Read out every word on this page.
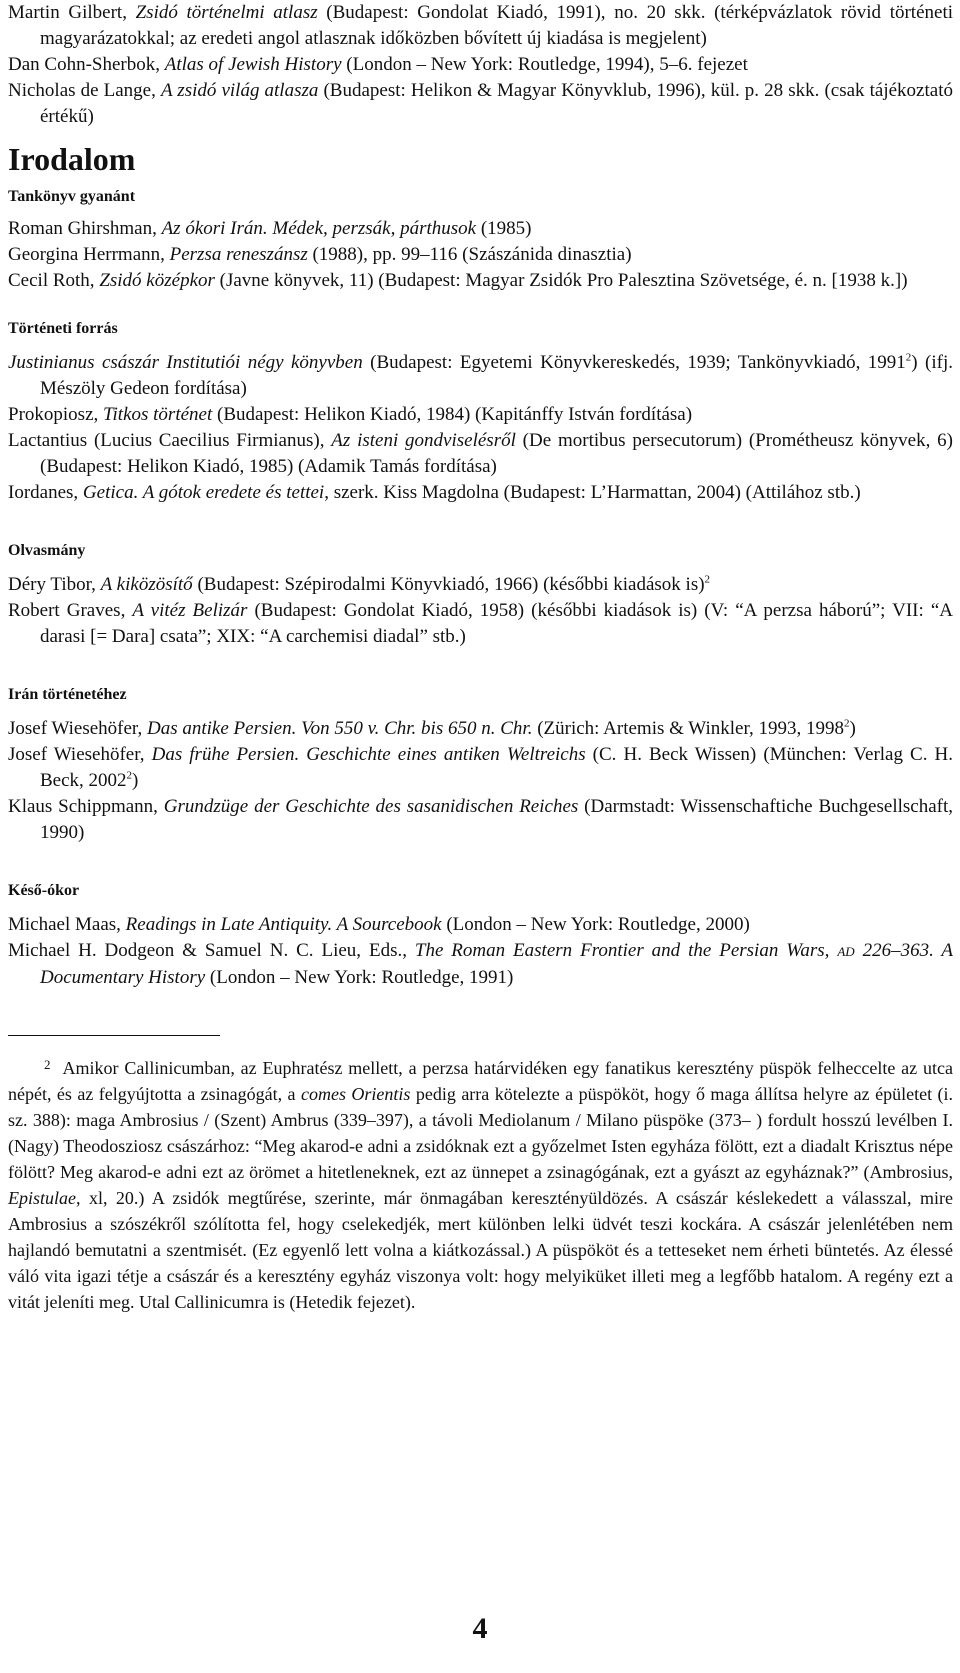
Martin Gilbert, Zsidó történelmi atlasz (Budapest: Gondolat Kiadó, 1991), no. 20 skk. (térképvázlatok rövid történeti magyarázatokkal; az eredeti angol atlasznak időközben bővített új kiadása is megjelent)

Dan Cohn-Sherbok, Atlas of Jewish History (London – New York: Routledge, 1994), 5–6. fejezet

Nicholas de Lange, A zsidó világ atlasza (Budapest: Helikon & Magyar Könyvklub, 1996), kül. p. 28 skk. (csak tájékoztató értékű)

Irodalom
Tankönyv gyanánt

Roman Ghirshman, Az ókori Irán. Médek, perzsák, párthusok (1985)

Georgina Herrmann, Perzsa reneszánsz (1988), pp. 99–116 (Szászánida dinasztia)

Cecil Roth, Zsidó középkor (Javne könyvek, 11) (Budapest: Magyar Zsidók Pro Palesztina Szövetsége, é. n. [1938 k.])

Történeti forrás

Justinianus császár Institutiói négy könyvben (Budapest: Egyetemi Könyvkereskedés, 1939; Tankönyvkiadó, 1991$^2$) (ifj. Mészöly Gedeon fordítása)

Prokopiosz, Titkos történet (Budapest: Helikon Kiadó, 1984) (Kapitánffy István fordítása)

Lactantius (Lucius Caecilius Firmianus), Az isteni gondviselésről (De mortibus persecutorum) (Prométheusz könyvek, 6) (Budapest: Helikon Kiadó, 1985) (Adamik Tamás fordítása)

Iordanes, Getica. A gótok eredete és tettei, szerk. Kiss Magdolna (Budapest: L’Harmattan, 2004) (Attilához stb.)

Olvasmány

Déry Tibor, A kiközösítő (Budapest: Szépirodalmi Könyvkiadó, 1966) (későbbi kiadások is)$^2$

Robert Graves, A vitéz Belizár (Budapest: Gondolat Kiadó, 1958) (későbbi kiadások is) (V: “A perzsa háború”; VII: “A darasi [= Dara] csata”; XIX: “A carchemisi diadal” stb.)

Irán történetéhez

Josef Wiesehöfer, Das antike Persien. Von 550 v. Chr. bis 650 n. Chr. (Zürich: Artemis & Winkler, 1993, 1998$^2$)

Josef Wiesehöfer, Das frühe Persien. Geschichte eines antiken Weltreichs (C. H. Beck Wissen) (München: Verlag C. H. Beck, 2002$^2$)

Klaus Schippmann, Grundzüge der Geschichte des sasanidischen Reiches (Darmstadt: Wissenschaftiche Buchgesellschaft, 1990)

Késő-ókor

Michael Maas, Readings in Late Antiquity. A Sourcebook (London – New York: Routledge, 2000)

Michael H. Dodgeon & Samuel N. C. Lieu, Eds., The Roman Eastern Frontier and the Persian Wars, AD 226–363. A Documentary History (London – New York: Routledge, 1991)

$^2$ Amikor Callinicumban, az Euphratész mellett, a perzsa határvidéken egy fanatikus keresztény püspök felheccelte az utca népét, és az felgyújtotta a zsinagógát, a comes Orientis pedig arra kötelezte a püspököt, hogy ő maga állítsa helyre az épületet (i. sz. 388): maga Ambrosius / (Szent) Ambrus (339–397), a távoli Mediolanum / Milano püspöke (373– ) fordult hosszú levélben I. (Nagy) Theodosziosz császárhoz: “Meg akarod-e adni a zsidóknak ezt a győzelmet Isten egyháza fölött, ezt a diadalt Krisztus népe fölött? Meg akarod-e adni ezt az örömet a hitetleneknek, ezt az ünnepet a zsinagógának, ezt a gyászt az egyháznak?” (Ambrosius, Epistulae, xl, 20.) A zsidók megtűrése, szerinte, már önmagában keresztényüldözés. A császár késlekedett a válasszal, mire Ambrosius a szószékről szólította fel, hogy cselekedjék, mert különben lelki üdvét teszi kockára. A császár jelenlétében nem hajlandó bemutatni a szentmisét. (Ez egyenlő lett volna a kiátkozással.) A püspököt és a tetteseket nem érheti büntetés. Az élessé váló vita igazi tétje a császár és a keresztény egyház viszonya volt: hogy melyiküket illeti meg a legfőbb hatalom. A regény ezt a vitát jeleníti meg. Utal Callinicumra is (Hetedik fejezet).

4
